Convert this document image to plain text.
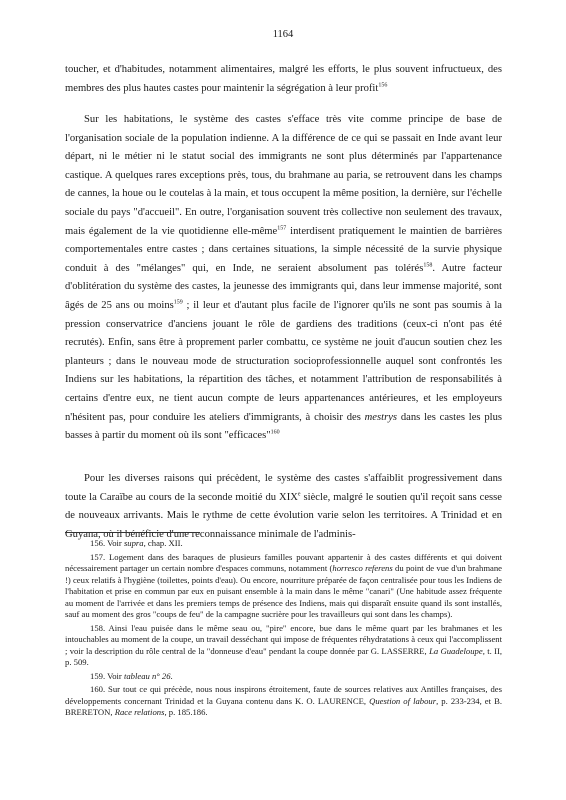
1164

toucher, et d'habitudes, notamment alimentaires, malgré les efforts, le plus souvent infructueux, des membres des plus hautes castes pour maintenir la ségrégation à leur profit$^{156}$

Sur les habitations, le système des castes s'efface très vite comme principe de base de l'organisation sociale de la population indienne. A la différence de ce qui se passait en Inde avant leur départ, ni le métier ni le statut social des immigrants ne sont plus déterminés par l'appartenance castique. A quelques rares exceptions près, tous, du brahmane au paria, se retrouvent dans les champs de cannes, la houe ou le coutelas à la main, et tous occupent la même position, la dernière, sur l'échelle sociale du pays "d'accueil". En outre, l'organisation souvent très collective non seulement des travaux, mais également de la vie quotidienne elle-même$^{157}$ interdisent pratiquement le maintien de barrières comportementales entre castes ; dans certaines situations, la simple nécessité de la survie physique conduit à des "mélanges" qui, en Inde, ne seraient absolument pas tolérés$^{158}$. Autre facteur d'oblitération du système des castes, la jeunesse des immigrants qui, dans leur immense majorité, sont âgés de 25 ans ou moins$^{159}$ ; il leur et d'autant plus facile de l'ignorer qu'ils ne sont pas soumis à la pression conservatrice d'anciens jouant le rôle de gardiens des traditions (ceux-ci n'ont pas été recrutés). Enfin, sans être à proprement parler combattu, ce système ne jouit d'aucun soutien chez les planteurs ; dans le nouveau mode de structuration socioprofessionnelle auquel sont confrontés les Indiens sur les habitations, la répartition des tâches, et notamment l'attribution de responsabilités à certains d'entre eux, ne tient aucun compte de leurs appartenances antérieures, et les employeurs n'hésitent pas, pour conduire les ateliers d'immigrants, à choisir des mestrys dans les castes les plus basses à partir du moment où ils sont "efficaces"$^{160}$

Pour les diverses raisons qui précèdent, le système des castes s'affaiblit progressivement dans toute la Caraïbe au cours de la seconde moitié du XIXe siècle, malgré le soutien qu'il reçoit sans cesse de nouveaux arrivants. Mais le rythme de cette évolution varie selon les territoires. A Trinidad et en Guyana, où il bénéficie d'une reconnaissance minimale de l'adminis-

156. Voir supra, chap. XII.

157. Logement dans des baraques de plusieurs familles pouvant appartenir à des castes différents et qui doivent nécessairement partager un certain nombre d'espaces communs, notamment (horresco referens du point de vue d'un brahmane !) ceux relatifs à l'hygiène (toilettes, points d'eau). Ou encore, nourriture préparée de façon centralisée pour tous les Indiens de l'habitation et prise en commun par eux en puisant ensemble à la main dans le même "canari" (Une habitude assez fréquente au moment de l'arrivée et dans les premiers temps de présence des Indiens, mais qui disparaît ensuite quand ils sont installés, sauf au moment des gros "coups de feu" de la campagne sucrière pour les travailleurs qui sont dans les champs).

158. Ainsi l'eau puisée dans le même seau ou, "pire" encore, bue dans le même quart par les brahmanes et les intouchables au moment de la coupe, un travail desséchant qui impose de fréquentes réhydratations à ceux qui l'accomplissent ; voir la description du rôle central de la "donneuse d'eau" pendant la coupe donnée par G. LASSERRE, La Guadeloupe, t. II, p. 509.

159. Voir tableau n° 26.

160. Sur tout ce qui précède, nous nous inspirons étroitement, faute de sources relatives aux Antilles françaises, des développements concernant Trinidad et la Guyana contenu dans K. O. LAURENCE, Question of labour, p. 233-234, et B. BRERETON, Race relations, p. 185.186.
